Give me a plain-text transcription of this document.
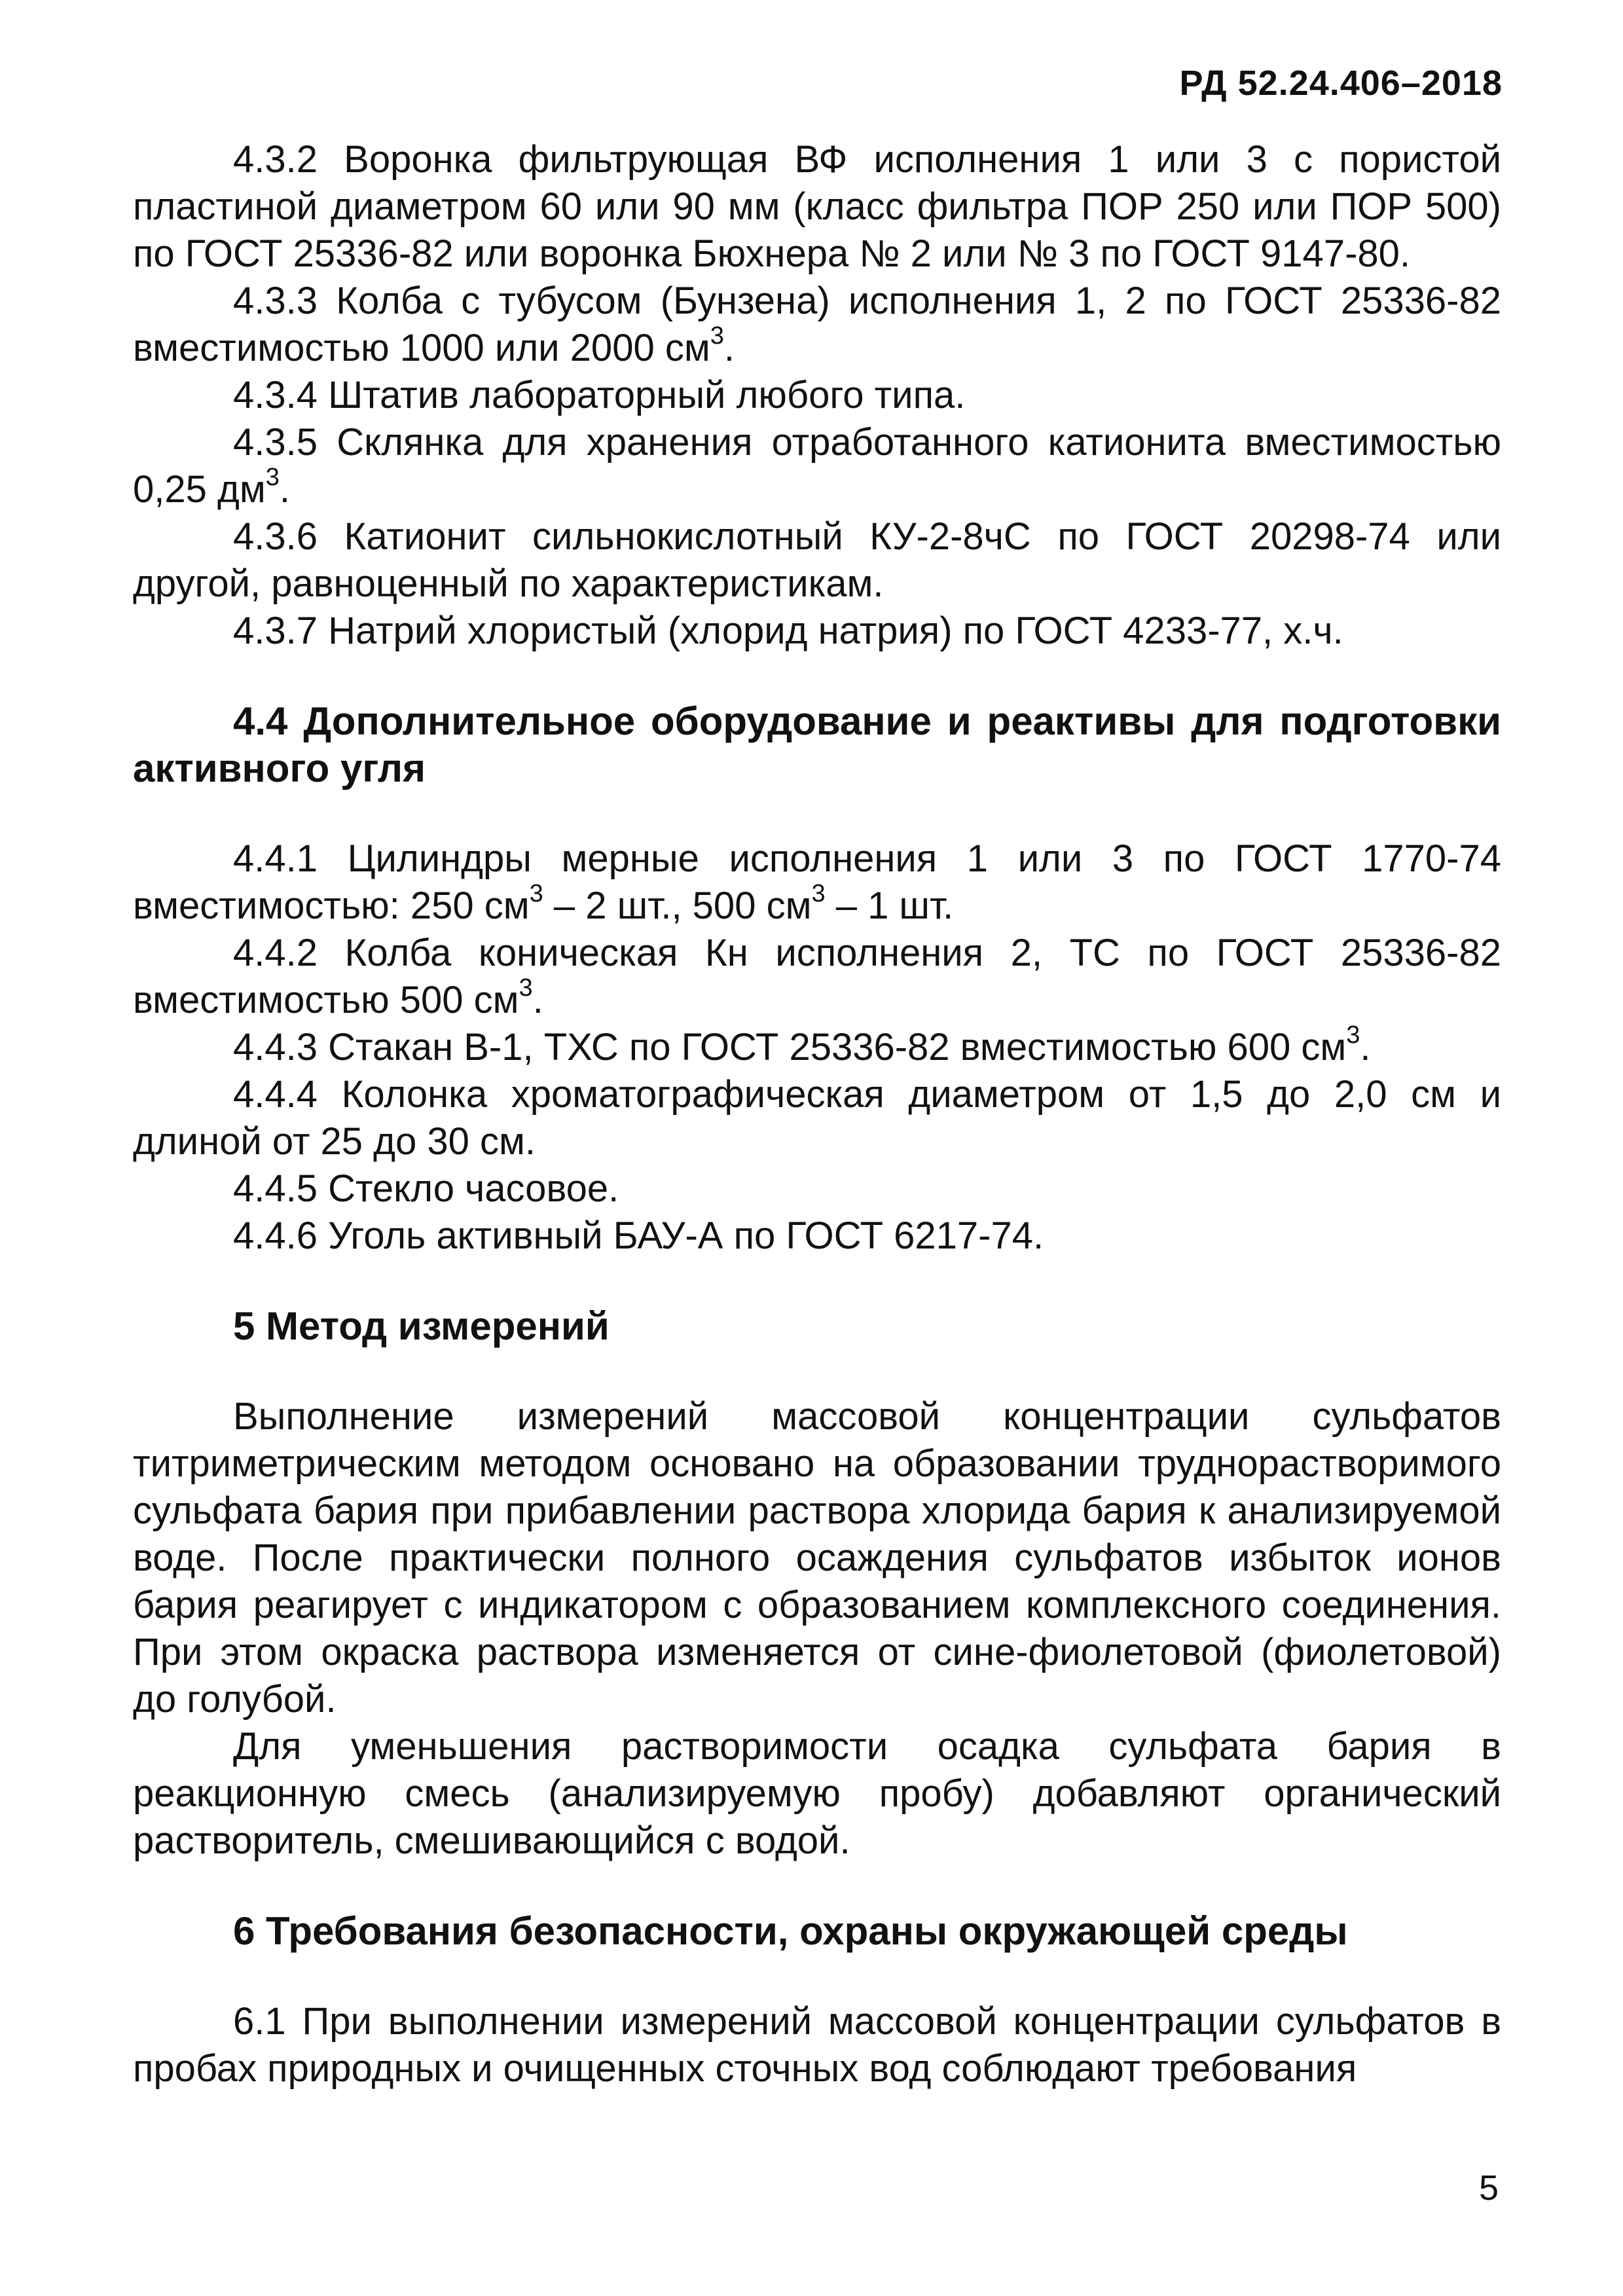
РД 52.24.406–2018

4.3.2 Воронка фильтрующая ВФ исполнения 1 или 3 с пористой пластиной диаметром 60 или 90 мм (класс фильтра ПОР 250 или ПОР 500) по ГОСТ 25336-82 или воронка Бюхнера № 2 или № 3 по ГОСТ 9147-80.

4.3.3 Колба с тубусом (Бунзена) исполнения 1, 2 по ГОСТ 25336-82 вместимостью 1000 или 2000 $см^3$.

4.3.4 Штатив лабораторный любого типа.

4.3.5 Склянка для хранения отработанного катионита вместимостью 0,25 $дм^3$.

4.3.6 Катионит сильнокислотный КУ-2-8чС по ГОСТ 20298-74 или другой, равноценный по характеристикам.

4.3.7 Натрий хлористый (хлорид натрия) по ГОСТ 4233-77, х.ч.

4.4 Дополнительное оборудование и реактивы для подготовки активного угля

4.4.1 Цилиндры мерные исполнения 1 или 3 по ГОСТ 1770-74 вместимостью: 250 $см^3 - 2$ шт., 500 $см^3 - 1$ шт.

4.4.2 Колба коническая Кн исполнения 2, ТС по ГОСТ 25336-82 вместимостью 500 $см^3$.

4.4.3 Стакан В-1, ТХС по ГОСТ 25336-82 вместимостью 600 $см^3$.

4.4.4 Колонка хроматографическая диаметром от 1,5 до 2,0 см и длиной от 25 до 30 см.

4.4.5 Стекло часовое.

4.4.6 Уголь активный БАУ-А по ГОСТ 6217-74.

5 Метод измерений

Выполнение измерений массовой концентрации сульфатов титриметрическим методом основано на образовании труднорастворимого сульфата бария при прибавлении раствора хлорида бария к анализируемой воде. После практически полного осаждения сульфатов избыток ионов бария реагирует с индикатором с образованием комплексного соединения. При этом окраска раствора изменяется от сине-фиолетовой (фиолетовой) до голубой.

Для уменьшения растворимости осадка сульфата бария в реакционную смесь (анализируемую пробу) добавляют органический растворитель, смешивающийся с водой.

6 Требования безопасности, охраны окружающей среды

6.1 При выполнении измерений массовой концентрации сульфатов в пробах природных и очищенных сточных вод соблюдают требования

5
